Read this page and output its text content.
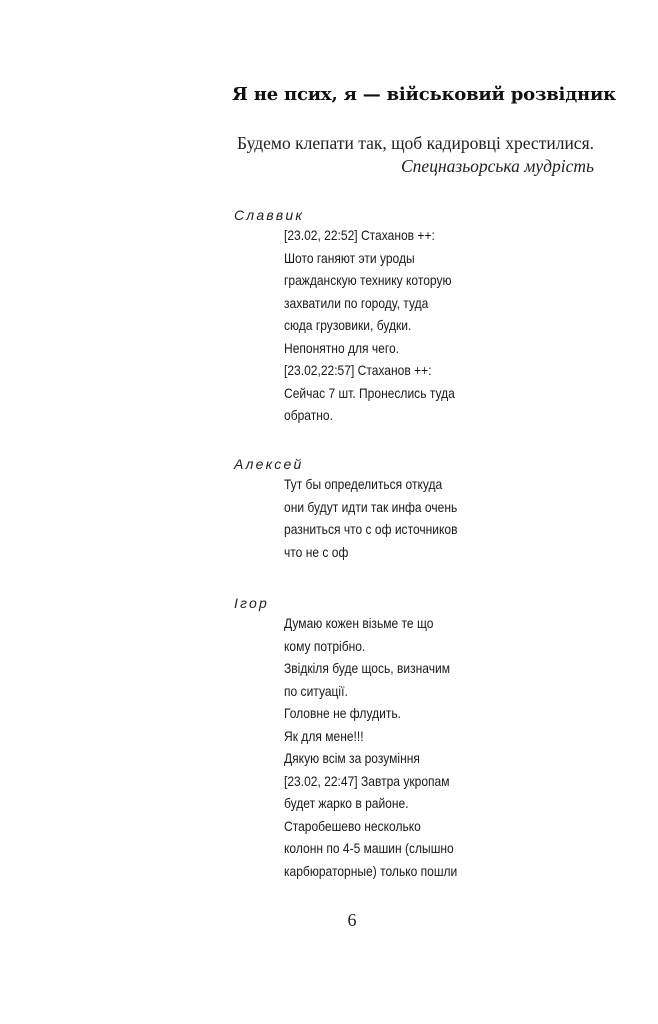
Я не псих, я — військовий розвідник
Будемо клепати так, щоб кадировці хрестилися.
Спецназьорська мудрість
Славвик
[23.02, 22:52] Стаханов ++:
Шото ганяют эти уроды
гражданскую технику которую
захватили по городу, туда
сюда грузовики, будки.
Непонятно для чего.
[23.02,22:57] Стаханов ++:
Сейчас 7 шт. Пронеслись туда
обратно.
Алексей
Тут бы определиться откуда
они будут идти так инфа очень
разниться что с оф источников
что не с оф
Ігор
Думаю кожен візьме те що
кому потрібно.
Звідкіля буде щось, визначим
по ситуації.
Головне не флудить.
Як для мене!!!
Дякую всім за розуміння
[23.02, 22:47] Завтра укропам
будет жарко в районе.
Старобешево несколько
колонн по 4-5 машин (слышно
карбюраторные) только пошли
6
